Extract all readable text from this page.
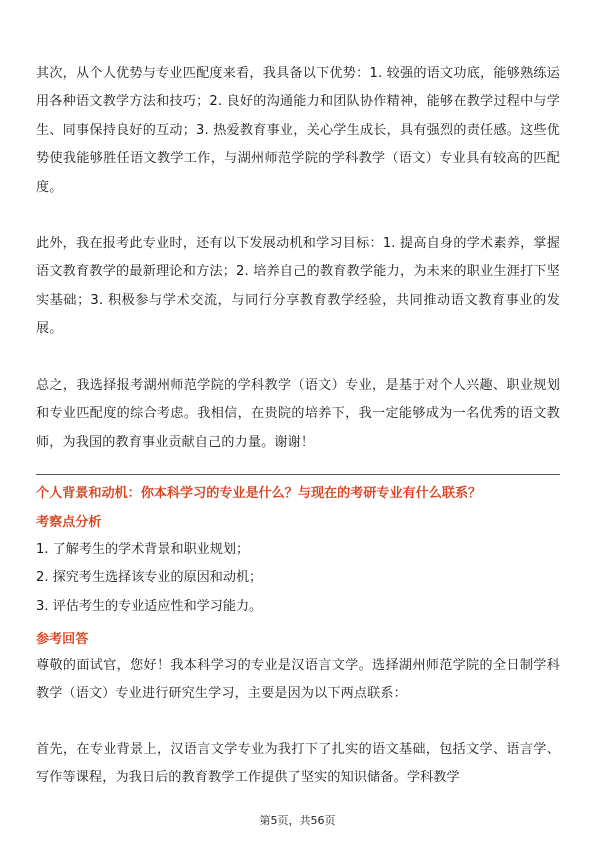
其次，从个人优势与专业匹配度来看，我具备以下优势：1. 较强的语文功底，能够熟练运用各种语文教学方法和技巧；2. 良好的沟通能力和团队协作精神，能够在教学过程中与学生、同事保持良好的互动；3. 热爱教育事业，关心学生成长，具有强烈的责任感。这些优势使我能够胜任语文教学工作，与湖州师范学院的学科教学（语文）专业具有较高的匹配度。

此外，我在报考此专业时，还有以下发展动机和学习目标：1. 提高自身的学术素养，掌握语文教育教学的最新理论和方法；2. 培养自己的教育教学能力，为未来的职业生涯打下坚实基础；3. 积极参与学术交流，与同行分享教育教学经验，共同推动语文教育事业的发展。

总之，我选择报考湖州师范学院的学科教学（语文）专业，是基于对个人兴趣、职业规划和专业匹配度的综合考虑。我相信，在贵院的培养下，我一定能够成为一名优秀的语文教师，为我国的教育事业贡献自己的力量。谢谢！

个人背景和动机：你本科学习的专业是什么？与现在的考研专业有什么联系？
考察点分析
1. 了解考生的学术背景和职业规划；
2. 探究考生选择该专业的原因和动机；
3. 评估考生的专业适应性和学习能力。
参考回答

尊敬的面试官，您好！我本科学习的专业是汉语言文学。选择湖州师范学院的全日制学科教学（语文）专业进行研究生学习，主要是因为以下两点联系：

首先，在专业背景上，汉语言文学专业为我打下了扎实的语文基础，包括文学、语言学、写作等课程，为我日后的教育教学工作提供了坚实的知识储备。学科教学

第5页，共56页
